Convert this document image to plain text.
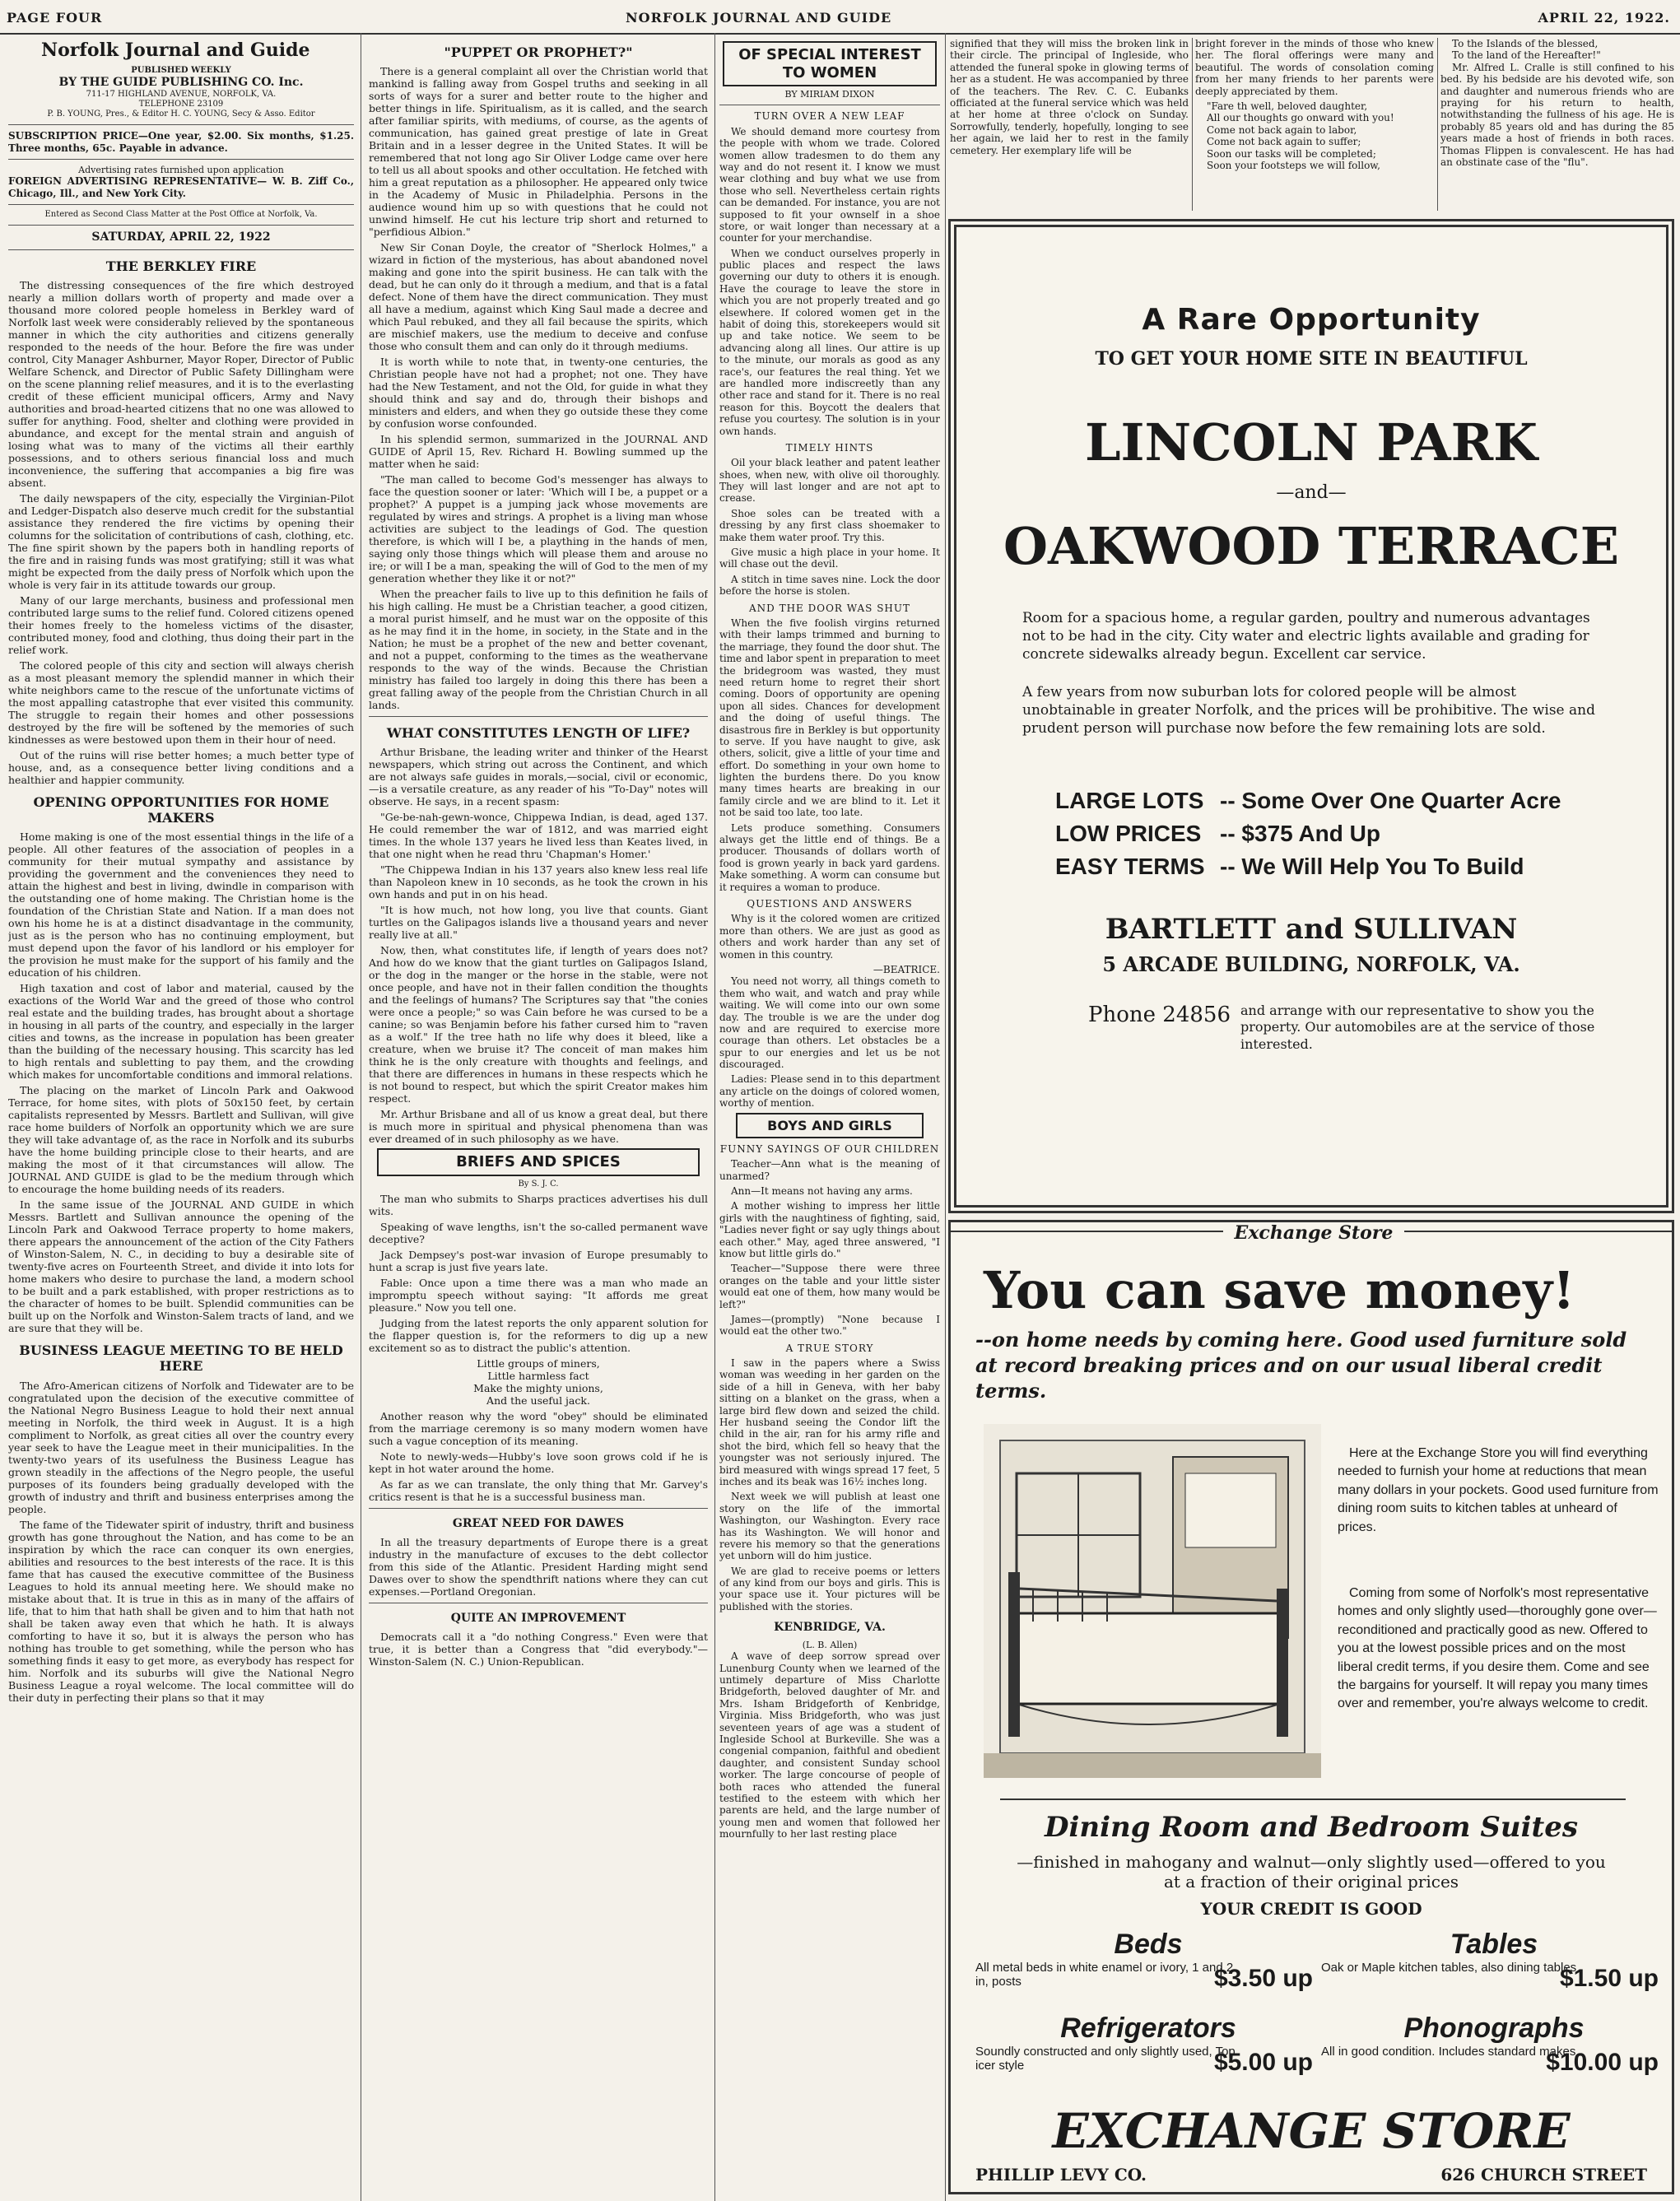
PAGE FOUR	NORFOLK JOURNAL AND GUIDE	APRIL 22, 1922.
Norfolk Journal and Guide
PUBLISHED WEEKLY
BY THE GUIDE PUBLISHING CO. Inc.
711-17 HIGHLAND AVENUE, NORFOLK, VA.
TELEPHONE 23109
P. B. YOUNG, Pres., & Editor H. C. YOUNG, Secy & Asso. Editor
SUBSCRIPTION PRICE—One year, $2.00. Six months, $1.25. Three months, 65c. Payable in advance.
Advertising rates furnished upon application
FOREIGN ADVERTISING REPRESENTATIVE— W. B. Ziff Co., Chicago, Ill., and New York City.
Entered as Second Class Matter at the Post Office at Norfolk, Va.
SATURDAY, APRIL 22, 1922
THE BERKLEY FIRE

The distressing consequences of the fire which destroyed nearly a million dollars worth of property and made over a thousand more colored people homeless in Berkley ward of Norfolk last week were considerably relieved by the spontaneous manner in which the city authorities and citizens generally responded to the needs of the hour. Before the fire was under control, City Manager Ashburner, Mayor Roper, Director of Public Welfare Schenck, and Director of Public Safety Dillingham were on the scene planning relief measures, and it is to the everlasting credit of these efficient municipal officers, Army and Navy authorities and broad-hearted citizens that no one was allowed to suffer for anything. Food, shelter and clothing were provided in abundance, and except for the mental strain and anguish of losing what was to many of the victims all their earthly possessions, and to others serious financial loss and much inconvenience, the suffering that accompanies a big fire was absent.

The daily newspapers of the city, especially the Virginian-Pilot and Ledger-Dispatch also deserve much credit for the substantial assistance they rendered the fire victims by opening their columns for the solicitation of contributions of cash, clothing, etc. The fine spirit shown by the papers both in handling reports of the fire and in raising funds was most gratifying; still it was what might be expected from the daily press of Norfolk which upon the whole is very fair in its attitude towards our group.

Many of our large merchants, business and professional men contributed large sums to the relief fund. Colored citizens opened their homes freely to the homeless victims of the disaster, contributed money, food and clothing, thus doing their part in the relief work.

The colored people of this city and section will always cherish as a most pleasant memory the splendid manner in which their white neighbors came to the rescue of the unfortunate victims of the most appalling catastrophe that ever visited this community. The struggle to regain their homes and other possessions destroyed by the fire will be softened by the memories of such kindnesses as were bestowed upon them in their hour of need.

Out of the ruins will rise better homes; a much better type of house, and, as a consequence better living conditions and a healthier and happier community.

OPENING OPPORTUNITIES FOR HOME MAKERS

Home making is one of the most essential things in the life of a people. All other features of the association of peoples in a community for their mutual sympathy and assistance by providing the government and the conveniences they need to attain the highest and best in living, dwindle in comparison with the outstanding one of home making. The Christian home is the foundation of the Christian State and Nation. If a man does not own his home he is at a distinct disadvantage in the community, just as is the person who has no continuing employment, but must depend upon the favor of his landlord or his employer for the provision he must make for the support of his family and the education of his children.

High taxation and cost of labor and material, caused by the exactions of the World War and the greed of those who control real estate and the building trades, has brought about a shortage in housing in all parts of the country, and especially in the larger cities and towns, as the increase in population has been greater than the building of the necessary housing. This scarcity has led to high rentals and subletting to pay them, and the crowding which makes for uncomfortable conditions and immoral relations.

The placing on the market of Lincoln Park and Oakwood Terrace, for home sites, with plots of 50x150 feet, by certain capitalists represented by Messrs. Bartlett and Sullivan, will give race home builders of Norfolk an opportunity which we are sure they will take advantage of, as the race in Norfolk and its suburbs have the home building principle close to their hearts, and are making the most of it that circumstances will allow. The JOURNAL AND GUIDE is glad to be the medium through which to encourage the home building needs of its readers.

In the same issue of the JOURNAL AND GUIDE in which Messrs. Bartlett and Sullivan announce the opening of the Lincoln Park and Oakwood Terrace property to home makers, there appears the announcement of the action of the City Fathers of Winston-Salem, N. C., in deciding to buy a desirable site of twenty-five acres on Fourteenth Street, and divide it into lots for home makers who desire to purchase the land, a modern school to be built and a park established, with proper restrictions as to the character of homes to be built. Splendid communities can be built up on the Norfolk and Winston-Salem tracts of land, and we are sure that they will be.

BUSINESS LEAGUE MEETING TO BE HELD HERE

The Afro-American citizens of Norfolk and Tidewater are to be congratulated upon the decision of the executive committee of the National Negro Business League to hold their next annual meeting in Norfolk, the third week in August. It is a high compliment to Norfolk, as great cities all over the country every year seek to have the League meet in their municipalities. In the twenty-two years of its usefulness the Business League has grown steadily in the affections of the Negro people, the useful purposes of its founders being gradually developed with the growth of industry and thrift and business enterprises among the people.

The fame of the Tidewater spirit of industry, thrift and business growth has gone throughout the Nation, and has come to be an inspiration by which the race can conquer its own energies, abilities and resources to the best interests of the race. It is this fame that has caused the executive committee of the Business Leagues to hold its annual meeting here. We should make no mistake about that. It is true in this as in many of the affairs of life, that to him that hath shall be given and to him that hath not shall be taken away even that which he hath. It is always comforting to have it so, but it is always the person who has nothing has trouble to get something, while the person who has something finds it easy to get more, as everybody has respect for him. Norfolk and its suburbs will give the National Negro Business League a royal welcome. The local committee will do their duty in perfecting their plans so that it may

"PUPPET OR PROPHET?"

There is a general complaint all over the Christian world that mankind is falling away from Gospel truths and seeking in all sorts of ways for a surer and better route to the higher and better things in life. Spiritualism, as it is called, and the search after familiar spirits, with mediums, of course, as the agents of communication, has gained great prestige of late in Great Britain and in a lesser degree in the United States. It will be remembered that not long ago Sir Oliver Lodge came over here to tell us all about spooks and other occultation. He fetched with him a great reputation as a philosopher. He appeared only twice in the Academy of Music in Philadelphia. Persons in the audience wound him up so with questions that he could not unwind himself. He cut his lecture trip short and returned to "perfidious Albion."

New Sir Conan Doyle, the creator of "Sherlock Holmes," a wizard in fiction of the mysterious, has about abandoned novel making and gone into the spirit business. He can talk with the dead, but he can only do it through a medium, and that is a fatal defect. None of them have the direct communication. They must all have a medium, against which King Saul made a decree and which Paul rebuked, and they all fail because the spirits, which are mischief makers, use the medium to deceive and confuse those who consult them and can only do it through mediums.

It is worth while to note that, in twenty-one centuries, the Christian people have not had a prophet; not one. They have had the New Testament, and not the Old, for guide in what they should think and say and do, through their bishops and ministers and elders, and when they go outside these they come by confusion worse confounded.

In his splendid sermon, summarized in the JOURNAL AND GUIDE of April 15, Rev. Richard H. Bowling summed up the matter when he said:

"The man called to become God's messenger has always to face the question sooner or later: 'Which will I be, a puppet or a prophet?' A puppet is a jumping jack whose movements are regulated by wires and strings. A prophet is a living man whose activities are subject to the leadings of God. The question therefore, is which will I be, a plaything in the hands of men, saying only those things which will please them and arouse no ire; or will I be a man, speaking the will of God to the men of my generation whether they like it or not?"

When the preacher fails to live up to this definition he fails of his high calling. He must be a Christian teacher, a good citizen, a moral purist himself, and he must war on the opposite of this as he may find it in the home, in society, in the State and in the Nation; he must be a prophet of the new and better covenant, and not a puppet, conforming to the times as the weathervane responds to the way of the winds. Because the Christian ministry has failed too largely in doing this there has been a great falling away of the people from the Christian Church in all lands.

WHAT CONSTITUTES LENGTH OF LIFE?

Arthur Brisbane, the leading writer and thinker of the Hearst newspapers, which string out across the Continent, and which are not always safe guides in morals,—social, civil or economic,—is a versatile creature, as any reader of his "To-Day" notes will observe. He says, in a recent spasm:

"Ge-be-nah-gewn-wonce, Chippewa Indian, is dead, aged 137. He could remember the war of 1812, and was married eight times. In the whole 137 years he lived less than Keates lived, in that one night when he read thru 'Chapman's Homer.'

"The Chippewa Indian in his 137 years also knew less real life than Napoleon knew in 10 seconds, as he took the crown in his own hands and put in on his head.

"It is how much, not how long, you live that counts. Giant turtles on the Galipagos islands live a thousand years and never really live at all."

Now, then, what constitutes life, if length of years does not? And how do we know that the giant turtles on Galipagos Island, or the dog in the manger or the horse in the stable, were not once people, and have not in their fallen condition the thoughts and the feelings of humans? The Scriptures say that "the conies were once a people;" so was Cain before he was cursed to be a canine; so was Benjamin before his father cursed him to "raven as a wolf." If the tree hath no life why does it bleed, like a creature, when we bruise it? The conceit of man makes him think he is the only creature with thoughts and feelings, and that there are differences in humans in these respects which he is not bound to respect, but which the spirit Creator makes him respect.

Mr. Arthur Brisbane and all of us know a great deal, but there is much more in spiritual and physical phenomena than was ever dreamed of in such philosophy as we have.

BRIEFS AND SPICES
By S. J. C.

The man who submits to Sharps practices advertises his dull wits.

Speaking of wave lengths, isn't the so-called permanent wave deceptive?

Jack Dempsey's post-war invasion of Europe presumably to hunt a scrap is just five years late.

Fable: Once upon a time there was a man who made an impromptu speech without saying: "It affords me great pleasure." Now you tell one.

Judging from the latest reports the only apparent solution for the flapper question is, for the reformers to dig up a new excitement so as to distract the public's attention.

Little groups of miners,
Little harmless fact
Make the mighty unions,
And the useful jack.

Another reason why the word "obey" should be eliminated from the marriage ceremony is so many modern women have such a vague conception of its meaning.

Note to newly-weds—Hubby's love soon grows cold if he is kept in hot water around the home.

As far as we can translate, the only thing that Mr. Garvey's critics resent is that he is a successful business man.

GREAT NEED FOR DAWES

In all the treasury departments of Europe there is a great industry in the manufacture of excuses to the debt collector from this side of the Atlantic. President Harding might send Dawes over to show the spendthrift nations where they can cut expenses.—Portland Oregonian.

QUITE AN IMPROVEMENT

Democrats call it a "do nothing Congress." Even were that true, it is better than a Congress that "did everybody."—Winston-Salem (N. C.) Union-Republican.

OF SPECIAL INTEREST TO WOMEN
BY MIRIAM DIXON
TURN OVER A NEW LEAF

We should demand more courtesy from the people with whom we trade. Colored women allow tradesmen to do them any way and do not resent it. I know we must wear clothing and buy what we use from those who sell. Nevertheless certain rights can be demanded. For instance, you are not supposed to fit your ownself in a shoe store, or wait longer than necessary at a counter for your merchandise.

When we conduct ourselves properly in public places and respect the laws governing our duty to others it is enough. Have the courage to leave the store in which you are not properly treated and go elsewhere. If colored women get in the habit of doing this, storekeepers would sit up and take notice. We seem to be advancing along all lines. Our attire is up to the minute, our morals as good as any race's, our features the real thing. Yet we are handled more indiscreetly than any other race and stand for it. There is no real reason for this. Boycott the dealers that refuse you courtesy. The solution is in your own hands.

TIMELY HINTS

Oil your black leather and patent leather shoes, when new, with olive oil thoroughly. They will last longer and are not apt to crease.

Shoe soles can be treated with a dressing by any first class shoemaker to make them water proof. Try this.

Give music a high place in your home. It will chase out the devil.

A stitch in time saves nine. Lock the door before the horse is stolen.

AND THE DOOR WAS SHUT

When the five foolish virgins returned with their lamps trimmed and burning to the marriage, they found the door shut. The time and labor spent in preparation to meet the bridegroom was wasted, they must need return home to regret their short coming. Doors of opportunity are opening upon all sides. Chances for development and the doing of useful things. The disastrous fire in Berkley is but opportunity to serve. If you have naught to give, ask others, solicit, give a little of your time and effort. Do something in your own home to lighten the burdens there. Do you know many times hearts are breaking in our family circle and we are blind to it. Let it not be said too late, too late.

Lets produce something. Consumers always get the little end of things. Be a producer. Thousands of dollars worth of food is grown yearly in back yard gardens. Make something. A worm can consume but it requires a woman to produce.

QUESTIONS AND ANSWERS

Why is it the colored women are critized more than others. We are just as good as others and work harder than any set of women in this country.

—BEATRICE.

You need not worry, all things cometh to them who wait, and watch and pray while waiting. We will come into our own some day. The trouble is we are the under dog now and are required to exercise more courage than others. Let obstacles be a spur to our energies and let us be not discouraged.

Ladies: Please send in to this department any article on the doings of colored women, worthy of mention.

BOYS AND GIRLS
FUNNY SAYINGS OF OUR CHILDREN

Teacher—Ann what is the meaning of unarmed?

Ann—It means not having any arms.

A mother wishing to impress her little girls with the naughtiness of fighting, said, "Ladies never fight or say ugly things about each other." May, aged three answered, "I know but little girls do."

Teacher—"Suppose there were three oranges on the table and your little sister would eat one of them, how many would be left?"

James—(promptly) "None because I would eat the other two."

A TRUE STORY

I saw in the papers where a Swiss woman was weeding in her garden on the side of a hill in Geneva, with her baby sitting on a blanket on the grass, when a large bird flew down and seized the child. Her husband seeing the Condor lift the child in the air, ran for his army rifle and shot the bird, which fell so heavy that the youngster was not seriously injured. The bird measured with wings spread 17 feet, 5 inches and its beak was 16½ inches long.

Next week we will publish at least one story on the life of the immortal Washington, our Washington. Every race has its Washington. We will honor and revere his memory so that the generations yet unborn will do him justice.

We are glad to receive poems or letters of any kind from our boys and girls. This is your space use it. Your pictures will be published with the stories.

KENBRIDGE, VA.
(L. B. Allen)

A wave of deep sorrow spread over Lunenburg County when we learned of the untimely departure of Miss Charlotte Bridgeforth, beloved daughter of Mr. and Mrs. Isham Bridgeforth of Kenbridge, Virginia. Miss Bridgeforth, who was just seventeen years of age was a student of Ingleside School at Burkeville. She was a congenial companion, faithful and obedient daughter, and consistent Sunday school worker. The large concourse of people of both races who attended the funeral testified to the esteem with which her parents are held, and the large number of young men and women that followed her mournfully to her last resting place

signified that they will miss the broken link in their circle. The principal of Ingleside, who attended the funeral spoke in glowing terms of her as a student. He was accompanied by three of the teachers. The Rev. C. C. Eubanks officiated at the funeral service which was held at her home at three o'clock on Sunday. Sorrowfully, tenderly, hopefully, longing to see her again, we laid her to rest in the family cemetery. Her exemplary life will be

bright forever in the minds of those who knew her. The floral offerings were many and beautiful. The words of consolation coming from her many friends to her parents were deeply appreciated by them.

"Fare th well, beloved daughter,
All our thoughts go onward with you!
Come not back again to labor,
Come not back again to suffer;
Soon our tasks will be completed;
Soon your footsteps we will follow,
To the Islands of the blessed,
To the land of the Hereafter!"

Mr. Alfred L. Cralle is still confined to his bed. By his bedside are his devoted wife, son and daughter and numerous friends who are praying for his return to health, notwithstanding the fullness of his age. He is probably 85 years old and has during the 85 years made a host of friends in both races. Thomas Flippen is convalescent. He has had an obstinate case of the "flu".

A Rare Opportunity
TO GET YOUR HOME SITE IN BEAUTIFUL
LINCOLN PARK
—and—
OAKWOOD TERRACE
Room for a spacious home, a regular garden, poultry and numerous advantages not to be had in the city. City water and electric lights available and grading for concrete sidewalks already begun. Excellent car service.
A few years from now suburban lots for colored people will be almost unobtainable in greater Norfolk, and the prices will be prohibitive. The wise and prudent person will purchase now before the few remaining lots are sold.
LARGE LOTS -- Some Over One Quarter Acre
LOW PRICES -- $375 And Up
EASY TERMS -- We Will Help You To Build
BARTLETT and SULLIVAN
5 ARCADE BUILDING, NORFOLK, VA.
Phone 24856 and arrange with our representative to show you the property. Our automobiles are at the service of those interested.
Exchange Store
You can save money!
--on home needs by coming here. Good used furniture sold at record breaking prices and on our usual liberal credit terms.

Here at the Exchange Store you will find everything needed to furnish your home at reductions that mean many dollars in your pockets. Good used furniture from dining room suits to kitchen tables at unheard of prices.

Coming from some of Norfolk's most representative homes and only slightly used—thoroughly gone over—reconditioned and practically good as new. Offered to you at the lowest possible prices and on the most liberal credit terms, if you desire them. Come and see the bargains for yourself. It will repay you many times over and remember, you're always welcome to credit.

Dining Room and Bedroom Suites
—finished in mahogany and walnut—only slightly used—offered to you at a fraction of their original prices
YOUR CREDIT IS GOOD
Beds
All metal beds in white enamel or ivory, 1 and 2 in, posts	$3.50 up
Tables
Oak or Maple kitchen tables, also dining tables
$1.50 up
Refrigerators
Soundly constructed and only slightly used, Top icer style	$5.00 up
Phonographs
All in good condition. Includes standard makes
$10.00 up
EXCHANGE STORE
PHILLIP LEVY CO.	626 CHURCH STREET
